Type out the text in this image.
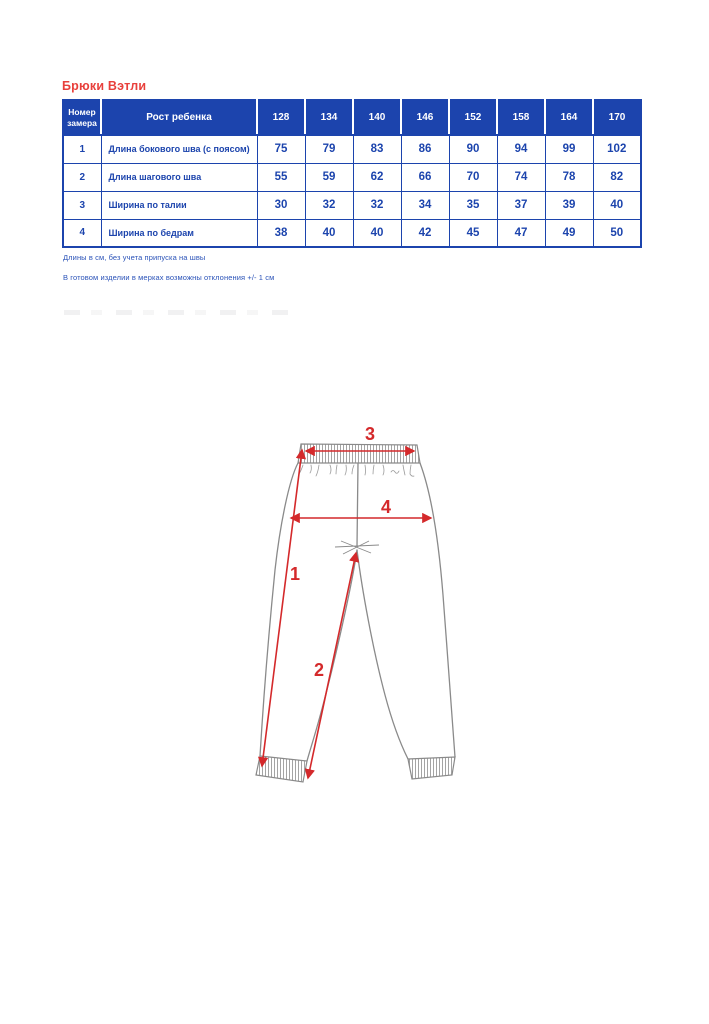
Брюки Вэтли
Номер замера	Рост ребенка	128	134	140	146	152	158	164	170
1	Длина бокового шва (с поясом)	75	79	83	86	90	94	99	102
2	Длина шагового шва	55	59	62	66	70	74	78	82
3	Ширина по талии	30	32	32	34	35	37	39	40
4	Ширина по бедрам	38	40	40	42	45	47	49	50
Длины в см, без учета припуска на швы
В готовом изделии в мерках возможны отклонения +/- 1 см
3
4
1
2
